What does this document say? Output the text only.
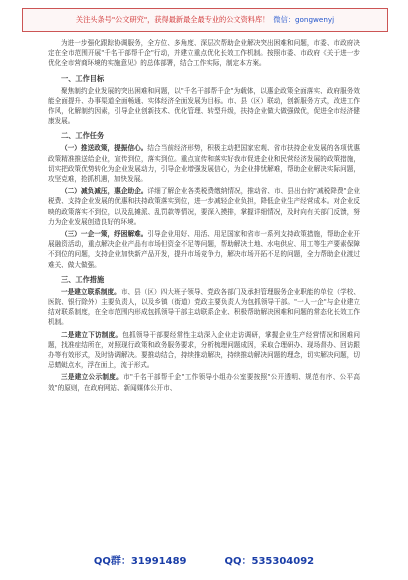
关注头条号"公文研究"，获得最新最全最专业的公文资料库！ 微信：gongwenyj

为进一步强化跟踪协调服务，全方位、多角度、深层次帮助企业解决突出困难和问题，市委、市政府决定在全市范围开展"千名干部帮千企"行动，并建立重点优化长效工作机制。按照市委、市政府《关于进一步优化全市营商环境的实施意见》的总体部署，结合工作实际，制定本方案。

一、工作目标

聚焦制约企业发展的突出困难和问题，以"千名干部帮千企"为载体，以惠企政策全面落实、政府服务效能全面提升、办事渠道全面畅通、实体经济全面发展为目标。市、县（区）联动，创新服务方式，改进工作作风，化解制约因素，引导企业创新技术、优化管理、转型升级，扶持企业做大做强做优，促进全市经济健康发展。

二、工作任务

（一）推送政策，提振信心。结合当前经济形势，积极主动把国家宏观、省市扶持企业发展的各项优惠政策精准推送给企业，宣传到位，落实到位。重点宣传和落实好我市促进企业和民营经济发展的政策措施，切实把政策优势转化为企业发展动力，引导企业增强发展信心，为企业排忧解难，帮助企业解决实际问题，攻坚克难，抢抓机遇，加快发展。

（二）减负减压，惠企助企。详细了解企业各类税费缴纳情况，推动省、市、县出台的"减税降费"企业税费、支持企业发展的优惠和扶持政策落实到位，进一步减轻企业负担，降低企业生产经营成本。对企业反映的政策落实不到位，以及乱摊派、乱罚款等情况，要深入摸排，掌握详细情况，及时向有关部门反馈，努力为企业发展创造良好的环境。

（三）一企一策，纾困解难。引导企业用好、用活、用足国家和省市一系列支持政策措施，帮助企业开展融资活动，重点解决企业产品有市场但资金不足等问题，帮助解决土地、水电供应、用工等生产要素保障不到位的问题，支持企业加快新产品开发，提升市场竞争力，解决市场开拓不足的问题，全力帮助企业渡过难关、做大做强。

三、工作措施

一是建立联系制度。市、县（区）四大班子领导、党政各部门及承担管理服务企业职能的单位（学校、医院、银行除外）主要负责人，以及乡镇（街道）党政主要负责人为包抓领导干部。"一人一企"与企业建立结对联系制度，在全市范围内形成包抓领导干部主动联系企业、积极帮助解决困难和问题的常态化长效工作机制。

二是建立下访制度。包抓领导干部要经常性主动深入企业走访调研，掌握企业生产经营情况和困难问题，找准症结所在，对照现行政策和政务服务要求，分析梳理问题成因，采取合理研办、现场督办、回访跟办等有效形式，及时协调解决。要推动结合，持续推动解决，持续推动解决问题的理念，切实解决问题，切忌蜻蜓点水，浮在面上，流于形式。

三是建立公示制度。市"千名干部帮千企"工作领导小组办公室要按照"公开透明、规范有序、公平高效"的原则，在政府网站、新闻媒体公开市、

QQ群：31991489	QQ：535304092
